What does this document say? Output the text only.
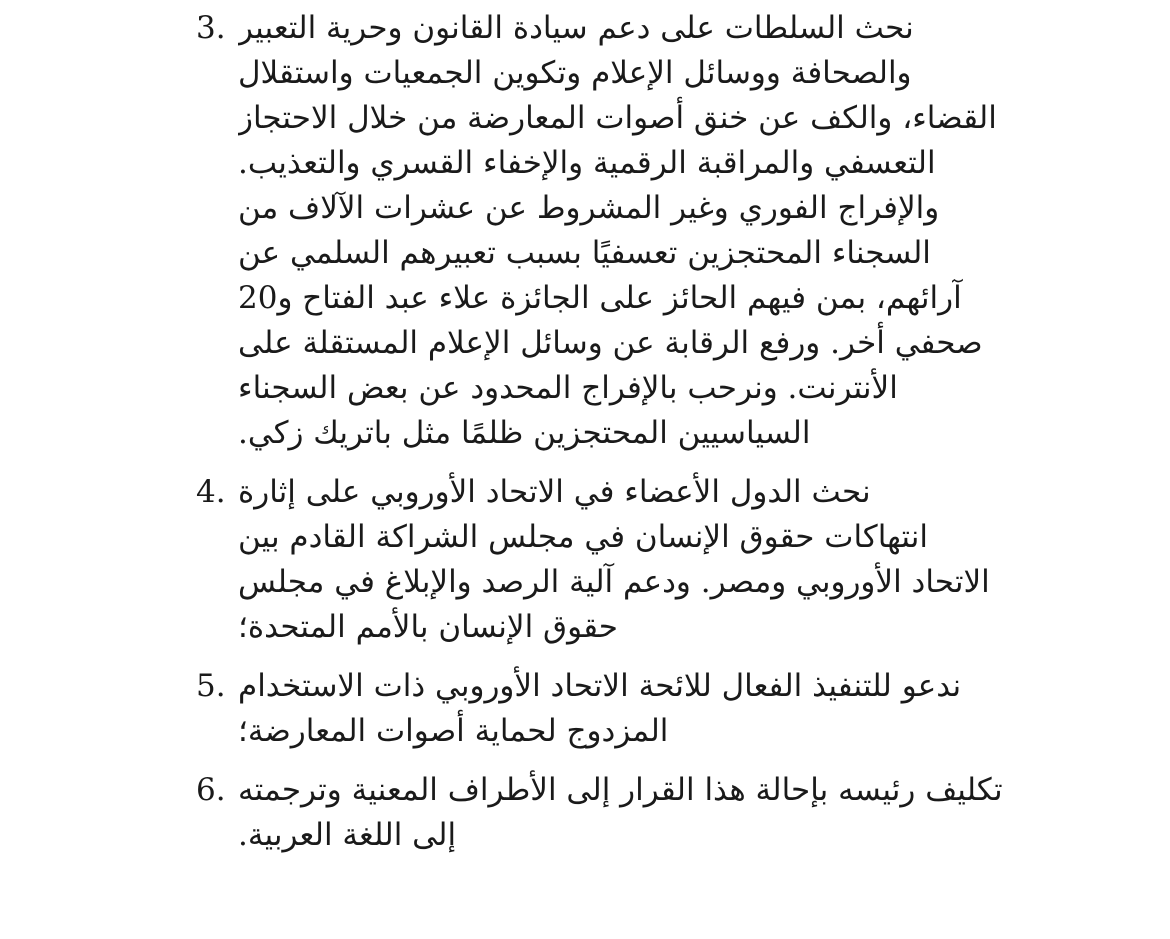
3. نحث السلطات على دعم سيادة القانون وحرية التعبير
والصحافة ووسائل الإعلام وتكوين الجمعيات واستقلال
القضاء، والكف عن خنق أصوات المعارضة من خلال الاحتجاز
التعسفي والمراقبة الرقمية والإخفاء القسري والتعذيب.
والإفراج الفوري وغير المشروط عن عشرات الآلاف من
السجناء المحتجزين تعسفيًا بسبب تعبيرهم السلمي عن
آرائهم، بمن فيهم الحائز على الجائزة علاء عبد الفتاح و20
صحفي أخر. ورفع الرقابة عن وسائل الإعلام المستقلة على
الأنترنت. ونرحب بالإفراج المحدود عن بعض السجناء
السياسيين المحتجزين ظلمًا مثل باتريك زكي.
4. نحث الدول الأعضاء في الاتحاد الأوروبي على إثارة
انتهاكات حقوق الإنسان في مجلس الشراكة القادم بين
الاتحاد الأوروبي ومصر. ودعم آلية الرصد والإبلاغ في مجلس
حقوق الإنسان بالأمم المتحدة؛
5. ندعو للتنفيذ الفعال للائحة الاتحاد الأوروبي ذات الاستخدام
المزدوج لحماية أصوات المعارضة؛
6. تكليف رئيسه بإحالة هذا القرار إلى الأطراف المعنية وترجمته
إلى اللغة العربية.
